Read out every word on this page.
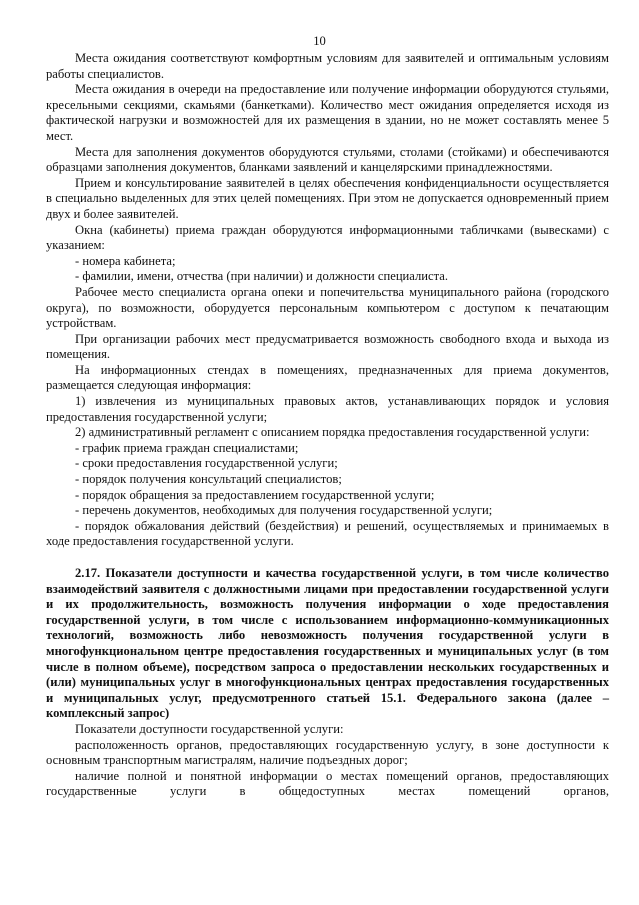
10

Места ожидания соответствуют комфортным условиям для заявителей и оптимальным условиям работы специалистов.

Места ожидания в очереди на предоставление или получение информации оборудуются стульями, кресельными секциями, скамьями (банкетками). Количество мест ожидания определяется исходя из фактической нагрузки и возможностей для их размещения в здании, но не может составлять менее 5 мест.

Места для заполнения документов оборудуются стульями, столами (стойками) и обеспечиваются образцами заполнения документов, бланками заявлений и канцелярскими принадлежностями.

Прием и консультирование заявителей в целях обеспечения конфиденциальности осуществляется в специально выделенных для этих целей помещениях. При этом не допускается одновременный прием двух и более заявителей.

Окна (кабинеты) приема граждан оборудуются информационными табличками (вывесками) с указанием:

- номера кабинета;

- фамилии, имени, отчества (при наличии) и должности специалиста.

Рабочее место специалиста органа опеки и попечительства муниципального района (городского округа), по возможности, оборудуется персональным компьютером с доступом к печатающим устройствам.

При организации рабочих мест предусматривается возможность свободного входа и выхода из помещения.

На информационных стендах в помещениях, предназначенных для приема документов, размещается следующая информация:

1) извлечения из муниципальных правовых актов, устанавливающих порядок и условия предоставления государственной услуги;

2) административный регламент с описанием порядка предоставления государственной услуги:

- график приема граждан специалистами;

- сроки предоставления государственной услуги;

- порядок получения консультаций специалистов;

- порядок обращения за предоставлением государственной услуги;

- перечень документов, необходимых для получения государственной услуги;

- порядок обжалования действий (бездействия) и решений, осуществляемых и принимаемых в ходе предоставления государственной услуги.

2.17. Показатели доступности и качества государственной услуги, в том числе количество взаимодействий заявителя с должностными лицами при предоставлении государственной услуги и их продолжительность, возможность получения информации о ходе предоставления государственной услуги, в том числе с использованием информационно-коммуникационных технологий, возможность либо невозможность получения государственной услуги в многофункциональном центре предоставления государственных и муниципальных услуг (в том числе в полном объеме), посредством запроса о предоставлении нескольких государственных и (или) муниципальных услуг в многофункциональных центрах предоставления государственных и муниципальных услуг, предусмотренного статьей 15.1. Федерального закона (далее – комплексный запрос)

Показатели доступности государственной услуги:

расположенность органов, предоставляющих государственную услугу, в зоне доступности к основным транспортным магистралям, наличие подъездных дорог;

наличие полной и понятной информации о местах помещений органов, предоставляющих государственные услуги в общедоступных местах помещений органов,
